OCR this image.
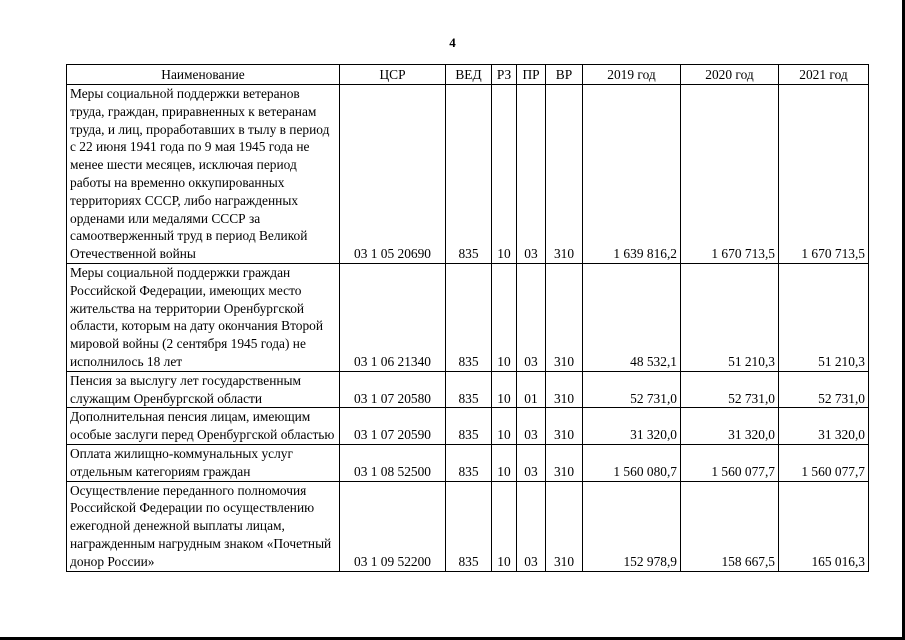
4
Наименование	ЦСР	ВЕД	РЗ	ПР	ВР	2019 год	2020 год	2021 год
Меры социальной поддержки ветеранов труда, граждан, приравненных к ветеранам труда, и лиц, проработавших в тылу в период с 22 июня 1941 года по 9 мая 1945 года не менее шести месяцев, исключая период работы на временно оккупированных территориях СССР, либо награжденных орденами или медалями СССР за самоотверженный труд в период Великой Отечественной войны	03 1 05 20690	835	10	03	310	1 639 816,2	1 670 713,5	1 670 713,5
Меры социальной поддержки граждан Российской Федерации, имеющих место жительства на территории Оренбургской области, которым на дату окончания Второй мировой войны (2 сентября 1945 года) не исполнилось 18 лет	03 1 06 21340	835	10	03	310	48 532,1	51 210,3	51 210,3
Пенсия за выслугу лет государственным служащим Оренбургской области	03 1 07 20580	835	10	01	310	52 731,0	52 731,0	52 731,0
Дополнительная пенсия лицам, имеющим особые заслуги перед Оренбургской областью	03 1 07 20590	835	10	03	310	31 320,0	31 320,0	31 320,0
Оплата жилищно-коммунальных услуг отдельным категориям граждан	03 1 08 52500	835	10	03	310	1 560 080,7	1 560 077,7	1 560 077,7
Осуществление переданного полномочия Российской Федерации по осуществлению ежегодной денежной выплаты лицам, награжденным нагрудным знаком «Почетный донор России»	03 1 09 52200	835	10	03	310	152 978,9	158 667,5	165 016,3
